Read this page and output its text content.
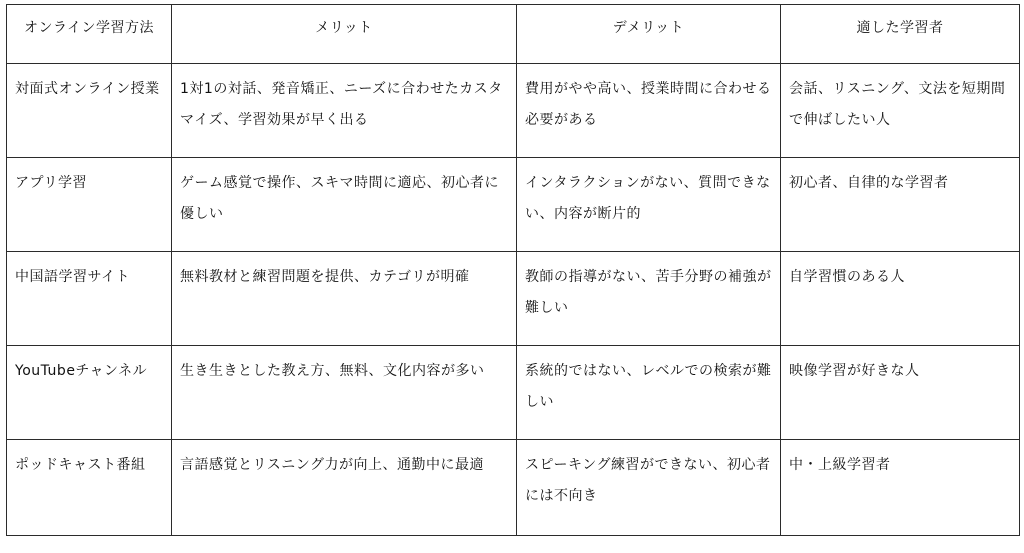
オンライン学習方法	メリット	デメリット	適した学習者
対面式オンライン授業	1対1の対話、発音矯正、ニーズに合わせたカスタマイズ、学習効果が早く出る	費用がやや高い、授業時間に合わせる必要がある	会話、リスニング、文法を短期間で伸ばしたい人
アプリ学習	ゲーム感覚で操作、スキマ時間に適応、初心者に優しい	インタラクションがない、質問できない、内容が断片的	初心者、自律的な学習者
中国語学習サイト	無料教材と練習問題を提供、カテゴリが明確	教師の指導がない、苦手分野の補強が難しい	自学習慣のある人
YouTubeチャンネル	生き生きとした教え方、無料、文化内容が多い	系統的ではない、レベルでの検索が難しい	映像学習が好きな人
ポッドキャスト番組	言語感覚とリスニング力が向上、通勤中に最適	スピーキング練習ができない、初心者には不向き	中・上級学習者
